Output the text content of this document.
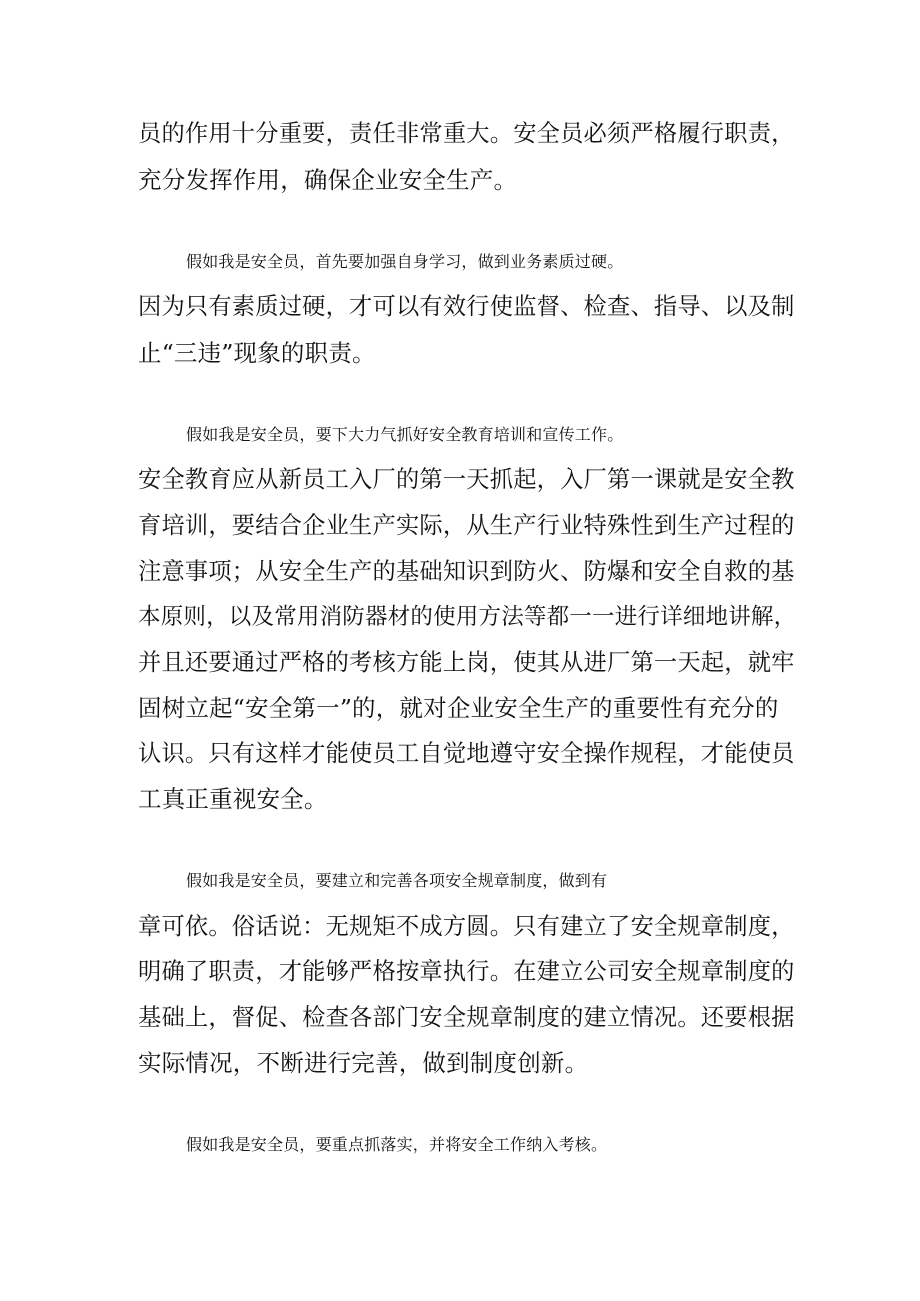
员的作用十分重要，责任非常重大。安全员必须严格履行职责，
充分发挥作用，确保企业安全生产。
假如我是安全员，首先要加强自身学习，做到业务素质过硬。
因为只有素质过硬，才可以有效行使监督、检查、指导、以及制
止“三违”现象的职责。
假如我是安全员，要下大力气抓好安全教育培训和宣传工作。
安全教育应从新员工入厂的第一天抓起，入厂第一课就是安全教
育培训，要结合企业生产实际，从生产行业特殊性到生产过程的
注意事项；从安全生产的基础知识到防火、防爆和安全自救的基
本原则，以及常用消防器材的使用方法等都一一进行详细地讲解，
并且还要通过严格的考核方能上岗，使其从进厂第一天起，就牢
固树立起“安全第一”的，就对企业安全生产的重要性有充分的
认识。只有这样才能使员工自觉地遵守安全操作规程，才能使员
工真正重视安全。
假如我是安全员，要建立和完善各项安全规章制度，做到有
章可依。俗话说：无规矩不成方圆。只有建立了安全规章制度，
明确了职责，才能够严格按章执行。在建立公司安全规章制度的
基础上，督促、检查各部门安全规章制度的建立情况。还要根据
实际情况，不断进行完善，做到制度创新。
假如我是安全员，要重点抓落实，并将安全工作纳入考核。
